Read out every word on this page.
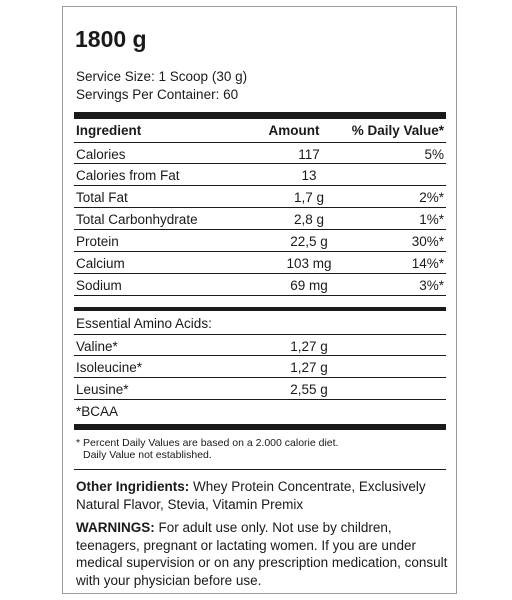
1800 g
Service Size: 1 Scoop (30 g)
Servings Per Container: 60
Ingredient	Amount	% Daily Value*
Calories	117	5%
Calories from Fat	13
Total Fat	1,7 g	2%*
Total Carbonhydrate	2,8 g	1%*
Protein	22,5 g	30%*
Calcium	103 mg	14%*
Sodium	69 mg	3%*
Essential Amino Acids:
Valine*	1,27 g
Isoleucine*	1,27 g
Leusine*	2,55 g
*BCAA
* Percent Daily Values are based on a 2.000 calorie diet.
Daily Value not established.
Other Ingridients: Whey Protein Concentrate, Exclusively Natural Flavor, Stevia, Vitamin Premix
WARNINGS: For adult use only. Not use by children, teenagers, pregnant or lactating women. If you are under medical supervision or on any prescription medication, consult with your physician before use.
